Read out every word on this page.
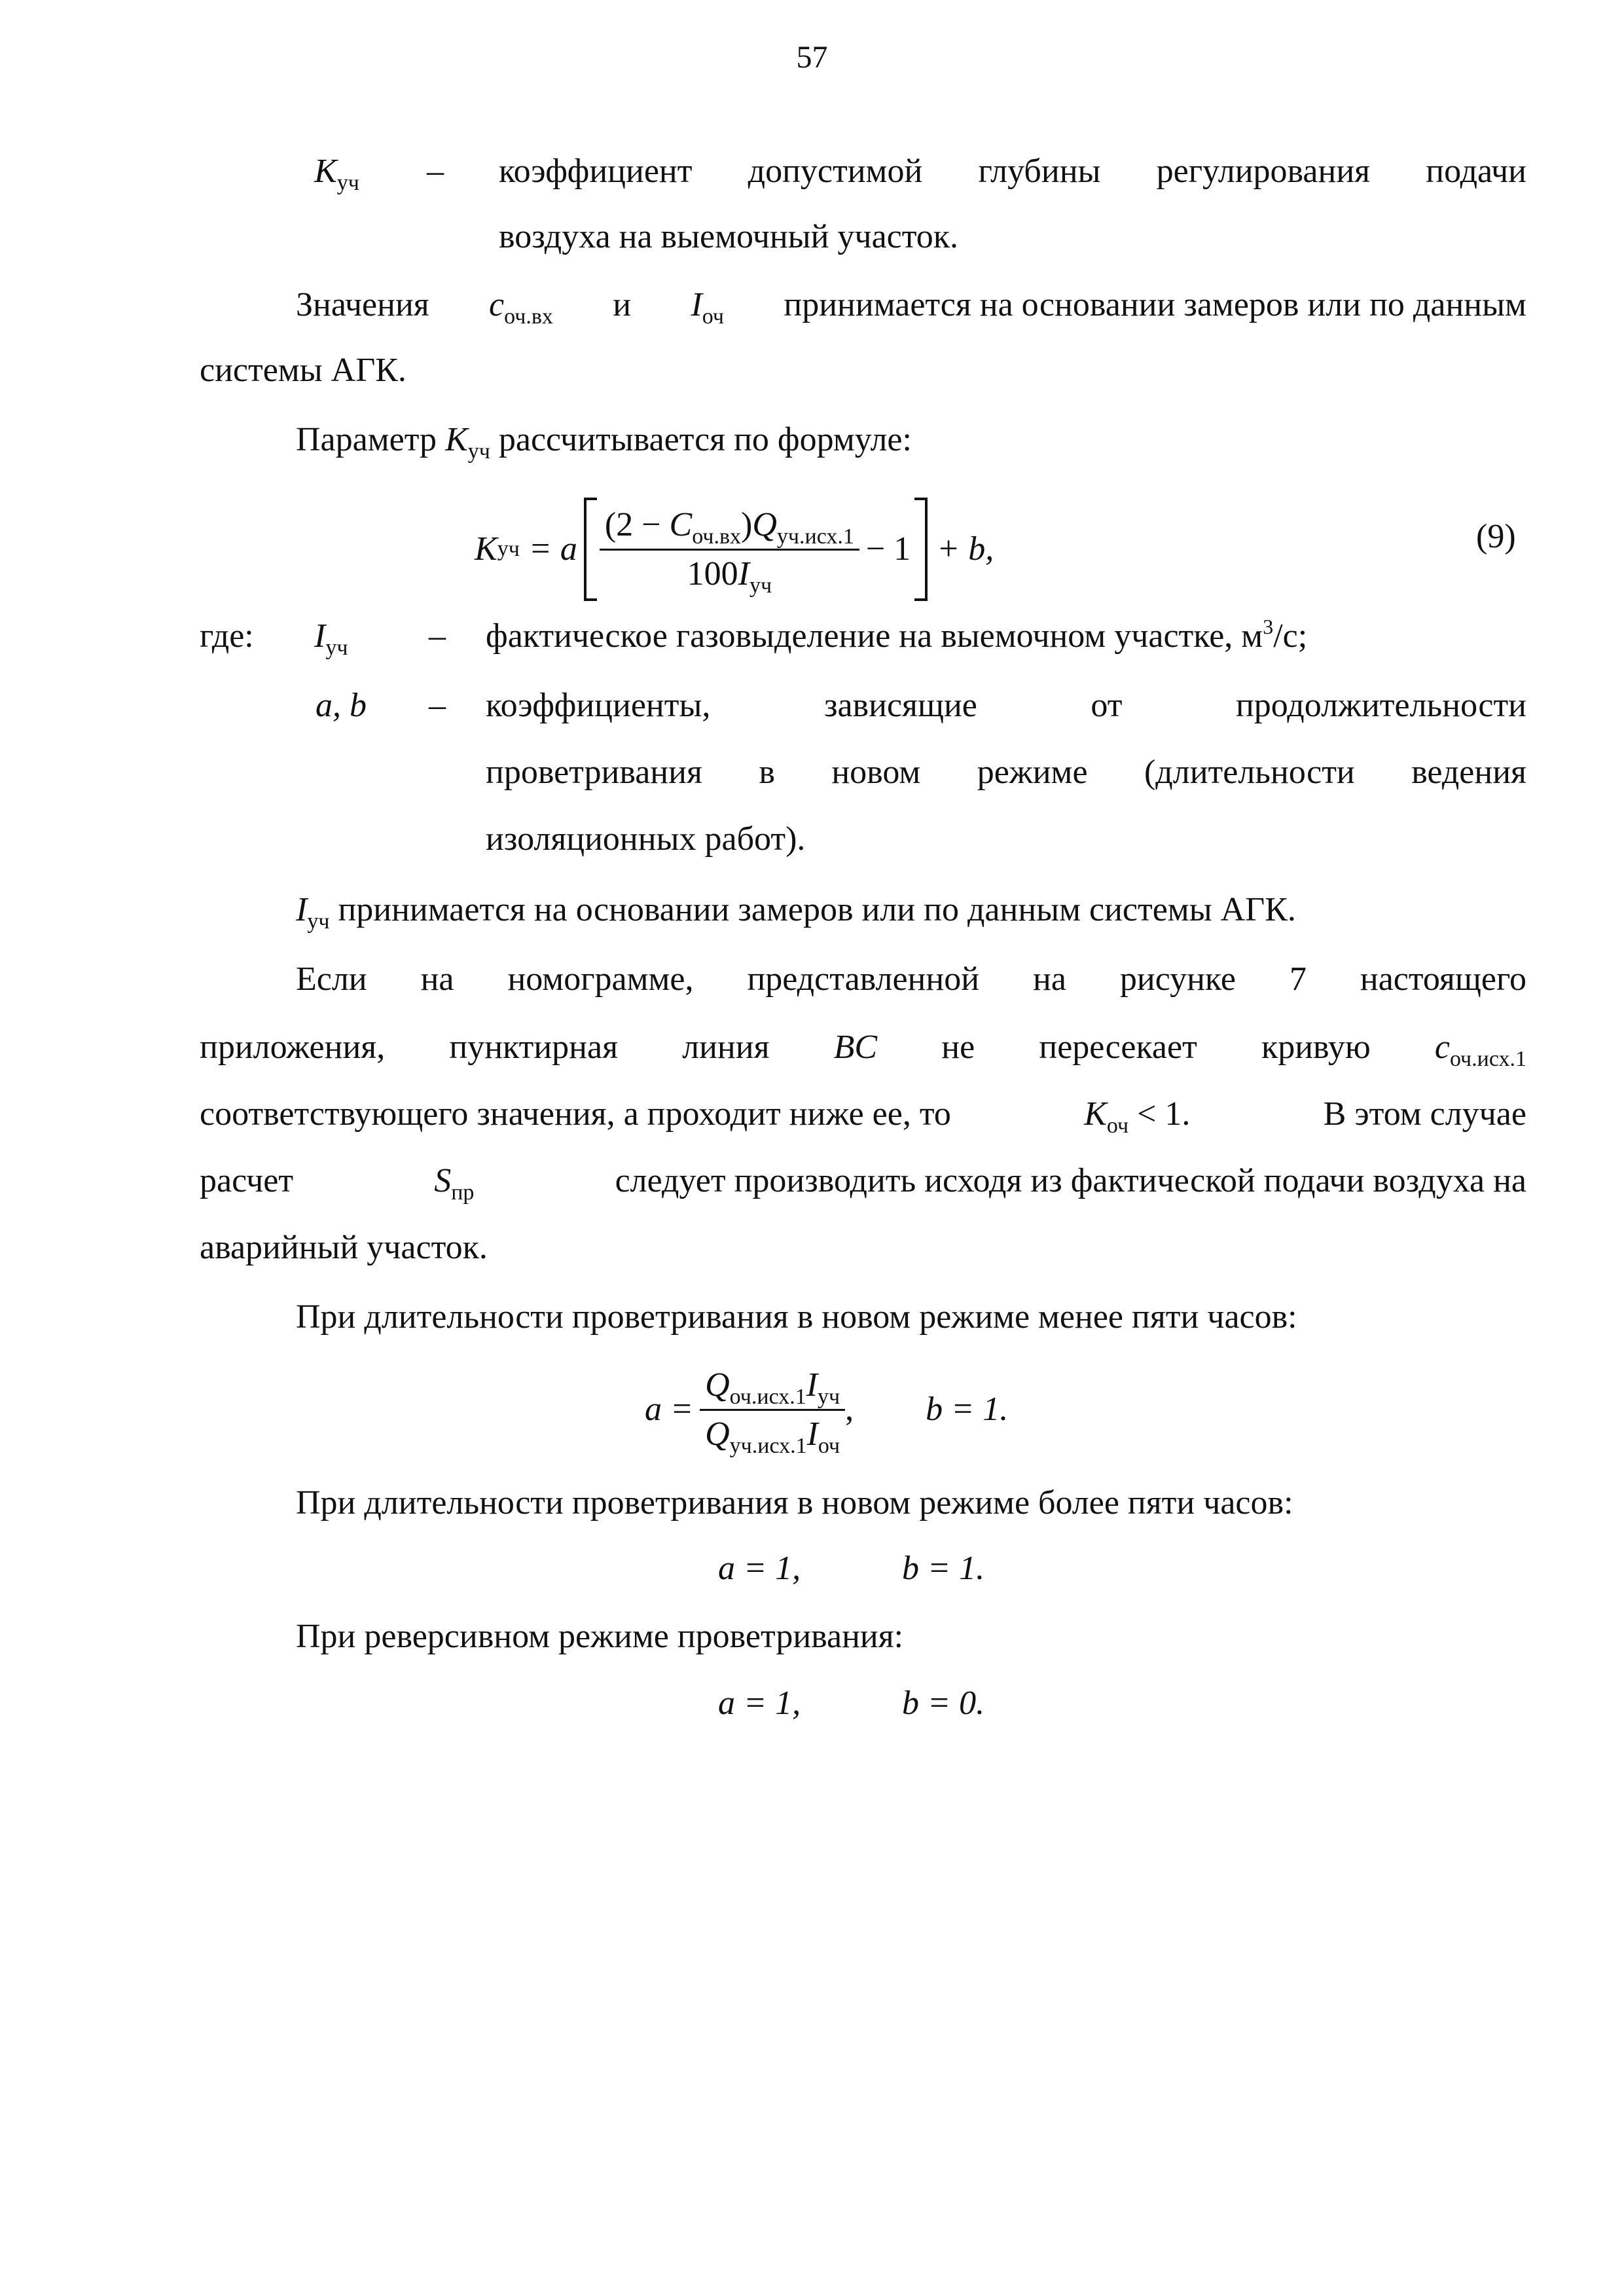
57
$K_{уч}$ – коэффициент допустимой глубины регулирования подачи
воздуха на выемочный участок.
Значения $c_{оч.вх}$ и $I_{оч}$ принимается на основании замеров или по данным
системы АГК.
Параметр $K_{уч}$ рассчитывается по формуле:
K уч = a $\frac{(2 - C_{оч.вх})Q_{уч.исх.1}}{100I_{уч}} - 1 + b$,	(9)
где: $I_{уч}$ – фактическое газовыделение на выемочном участке, $м^3/с$;
a, b – коэффициенты,	зависящие	от	продолжительности
проветривания в новом режиме (длительности ведения
изоляционных работ).
$I_{уч}$ принимается на основании замеров или по данным системы АГК.
Если на номограмме, представленной на рисунке 7 настоящего
приложения, пунктирная линия BC не пересекает кривую $c_{оч.исх.1}$
соответствующего значения, а проходит ниже ее, то	$K_{оч} < 1$.	В этом случае
расчет	$S_{пр}$	следует производить исходя из фактической подачи воздуха на
аварийный участок.
При длительности проветривания в новом режиме менее пяти часов:
$a = \frac{Q_{оч.исх.1}I_{уч}}{Q_{уч.исх.1}I_{оч}}$ , b = 1.
При длительности проветривания в новом режиме более пяти часов:
a = 1,	b = 1.
При реверсивном режиме проветривания:
a = 1,	b = 0.
